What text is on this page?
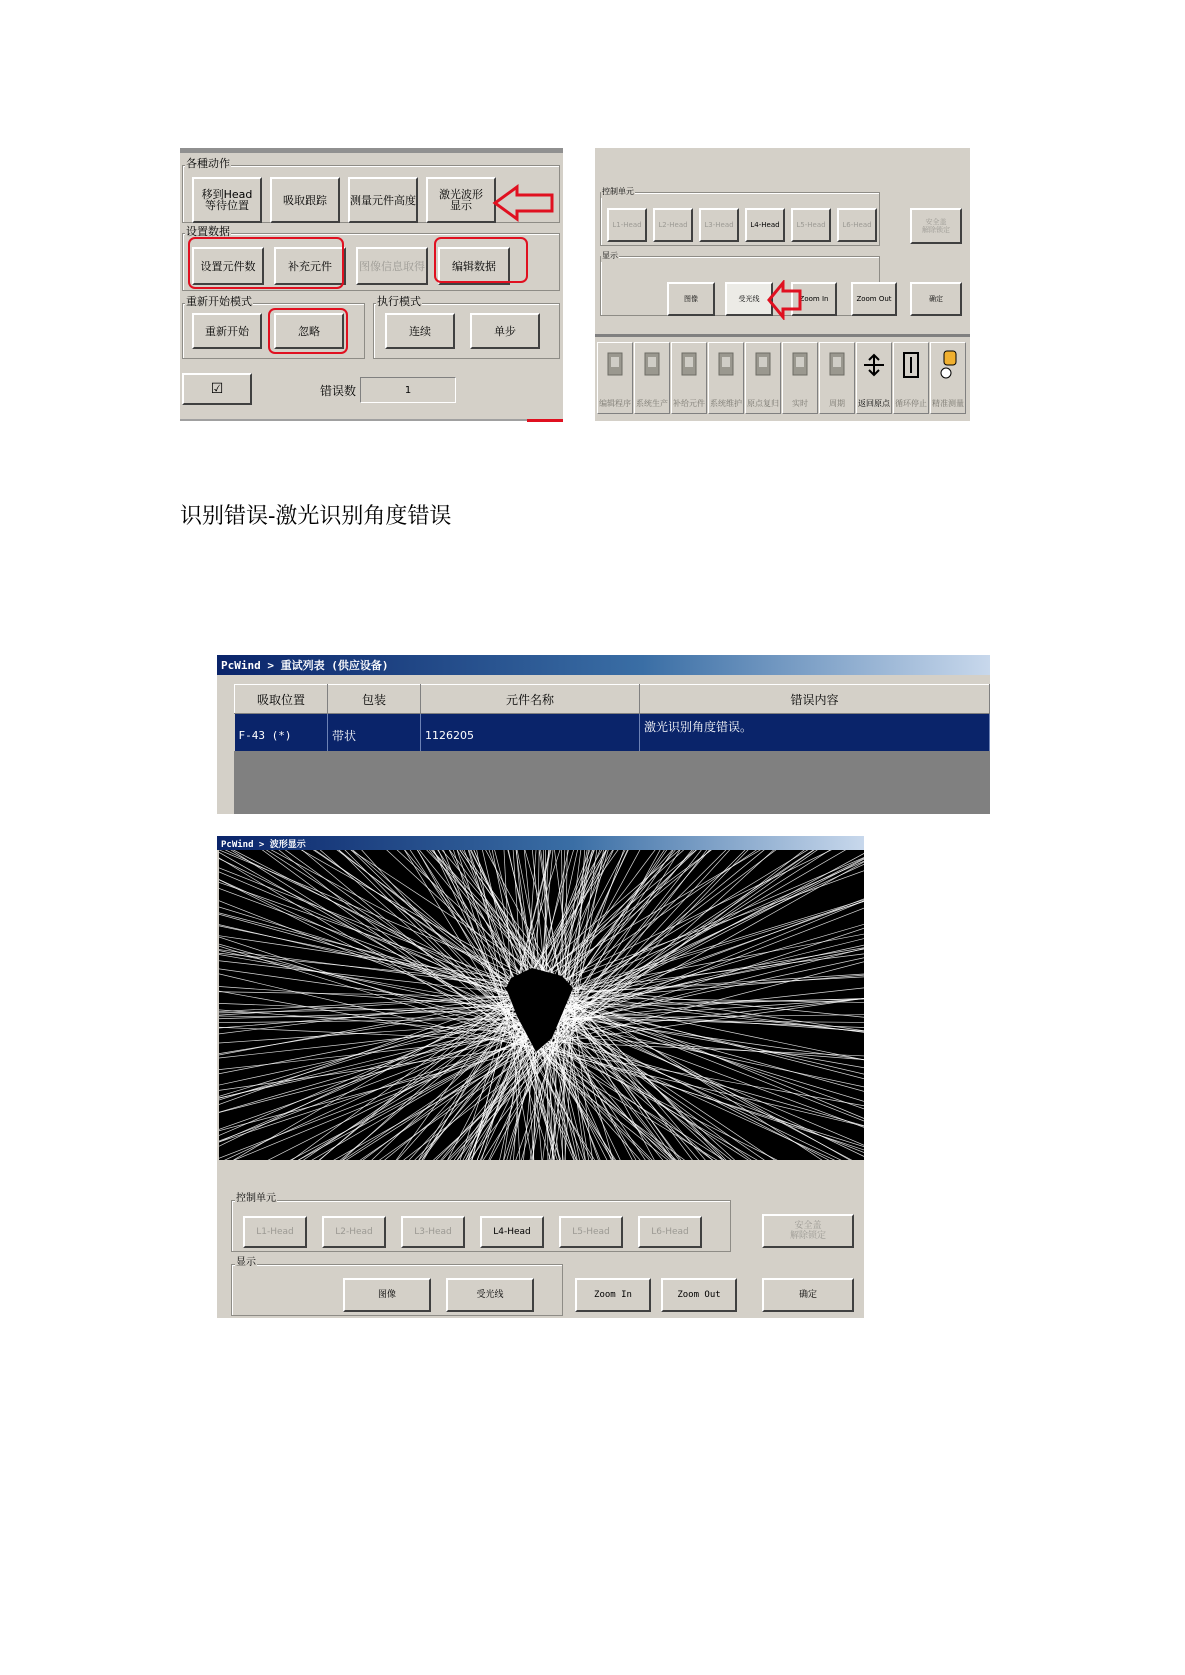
各種动作
移到Head
等待位置	吸取跟踪	测量元件高度	激光波形
显示
设置数据
设置元件数	补充元件	图像信息取得	编辑数据
重新开始模式
重新开始	忽略
执行模式
连续	单步
☑	错误数	1
控制单元
L1-Head	L2-Head	L3-Head	L4-Head	L5-Head	L6-Head	安全盖
解除锁定
显示
图像	受光线	Zoom In	Zoom Out	确定
编辑程序 系统生产 补给元件 系统维护 原点复归 实时	周期 返回原点 循环停止 精准测量
识别错误-激光识别角度错误
PcWind > 重试列表 (供应设备)
吸取位置	包装	元件名称	错误内容
F-43 (*)	带状	1126205	激光识别角度错误。
PcWind > 波形显示
控制单元
L1-Head	L2-Head	L3-Head	L4-Head	L5-Head	L6-Head
安全盖
解除锁定
显示
图像	受光线	Zoom In	Zoom Out	确定
